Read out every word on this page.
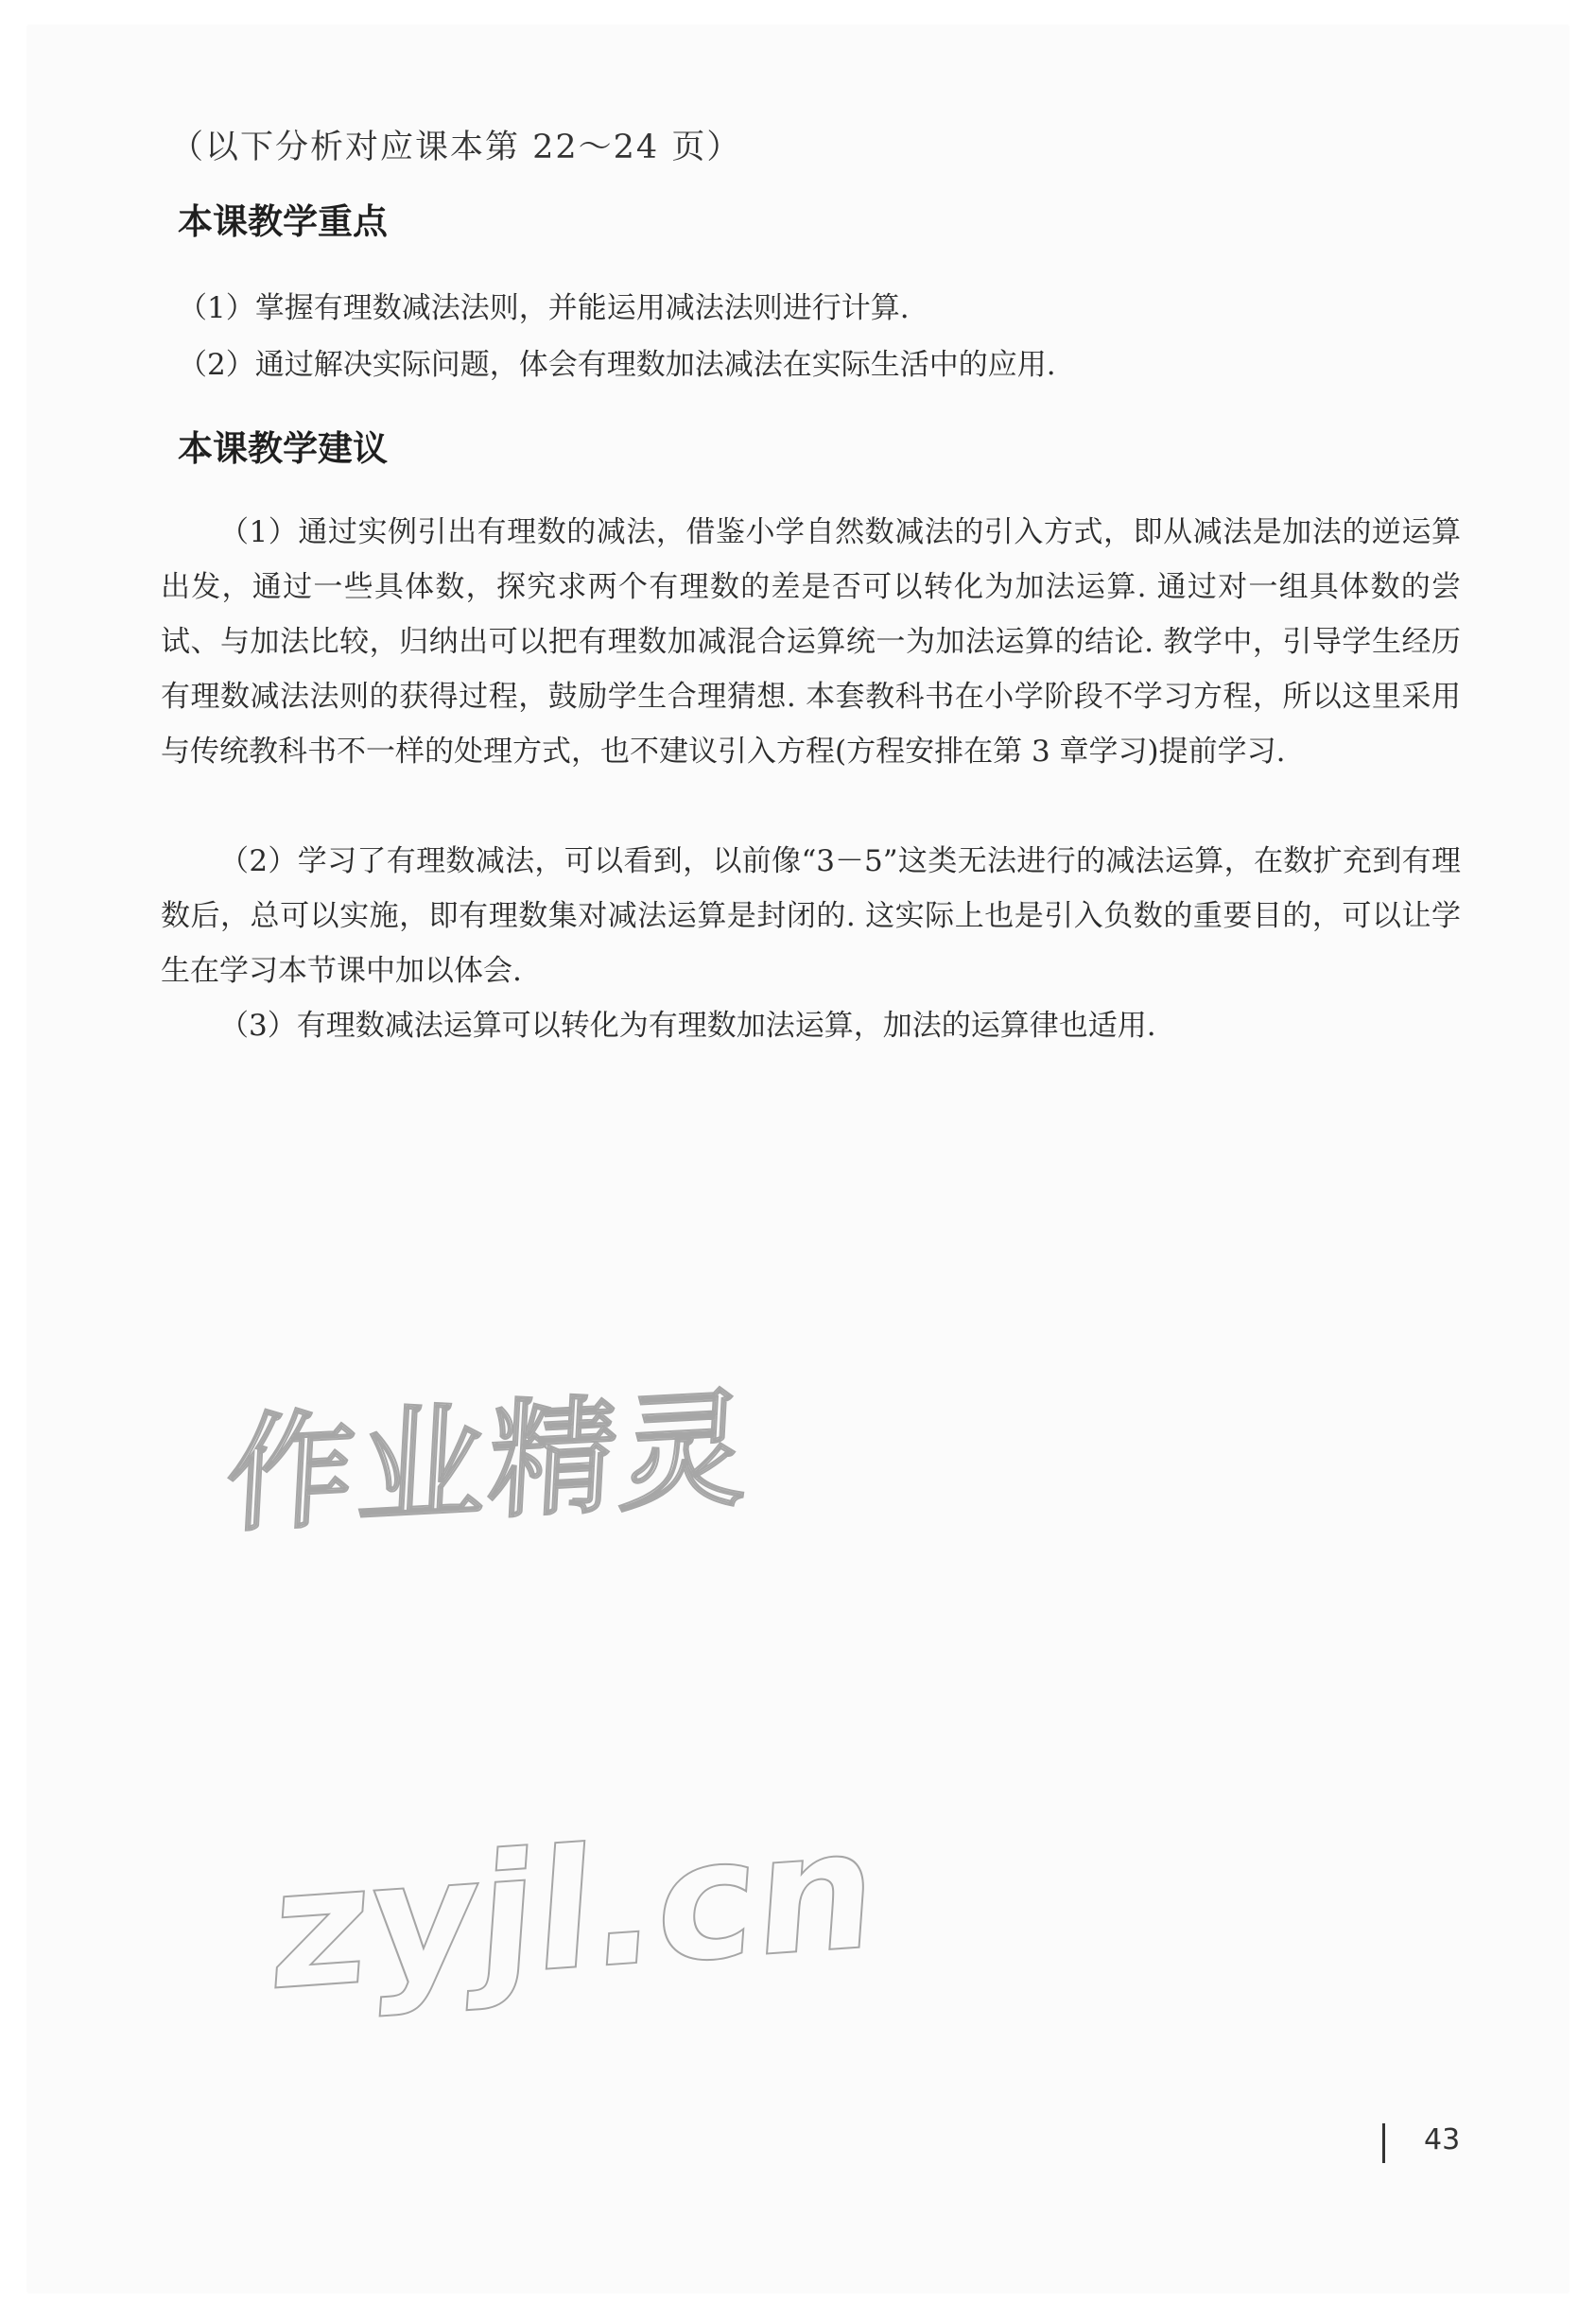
（以下分析对应课本第 22～24 页）
本课教学重点
（1）掌握有理数减法法则，并能运用减法法则进行计算.
（2）通过解决实际问题，体会有理数加法减法在实际生活中的应用.
本课教学建议

（1）通过实例引出有理数的减法，借鉴小学自然数减法的引入方式，即从减法是加法的逆运算出发，通过一些具体数，探究求两个有理数的差是否可以转化为加法运算. 通过对一组具体数的尝试、与加法比较，归纳出可以把有理数加减混合运算统一为加法运算的结论. 教学中，引导学生经历有理数减法法则的获得过程，鼓励学生合理猜想. 本套教科书在小学阶段不学习方程，所以这里采用与传统教科书不一样的处理方式，也不建议引入方程(方程安排在第 3 章学习)提前学习.

（2）学习了有理数减法，可以看到，以前像“3－5”这类无法进行的减法运算，在数扩充到有理数后，总可以实施，即有理数集对减法运算是封闭的. 这实际上也是引入负数的重要目的，可以让学生在学习本节课中加以体会.

（3）有理数减法运算可以转化为有理数加法运算，加法的运算律也适用.

作业精灵
zyjl.cn
43
